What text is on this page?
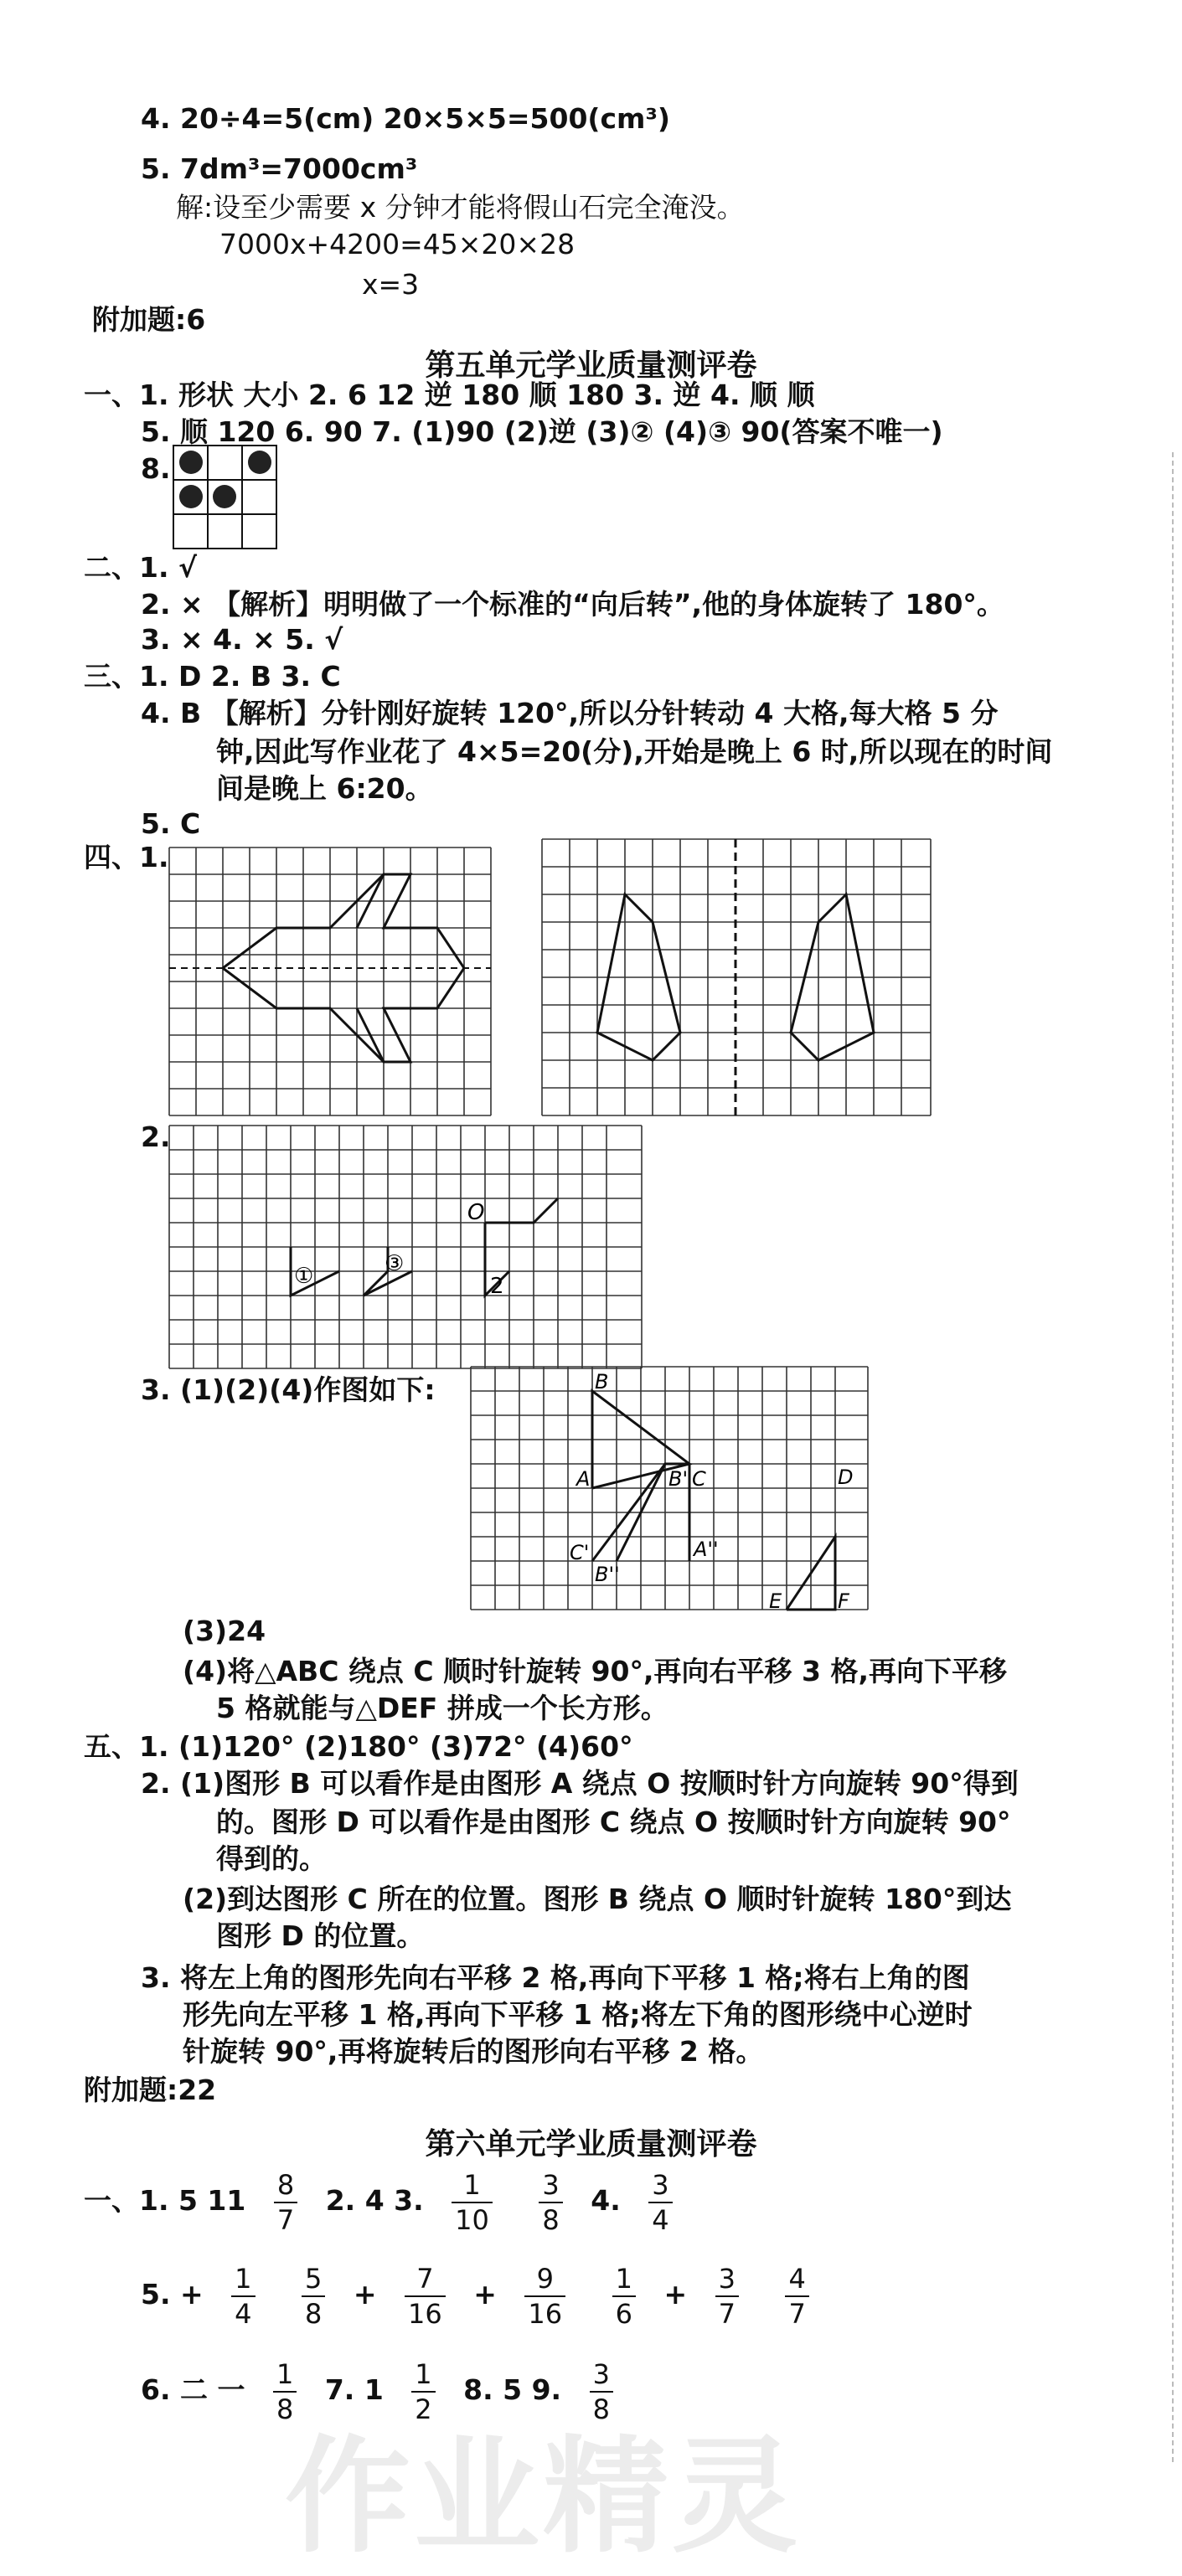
4. 20÷4=5(cm) 20×5×5=500(cm³)
5. 7dm³=7000cm³
解:设至少需要 x 分钟才能将假山石完全淹没。
7000x+4200=45×20×28
x=3
附加题:6
第五单元学业质量测评卷
一、1. 形状 大小 2. 6 12 逆 180 顺 180 3. 逆 4. 顺 顺
5. 顺 120 6. 90 7. (1)90 (2)逆 (3)② (4)③ 90(答案不唯一)
8.
二、1. √
2. × 【解析】明明做了一个标准的“向后转”,他的身体旋转了 180°。
3. × 4. × 5. √
三、1. D 2. B 3. C
4. B 【解析】分针刚好旋转 120°,所以分针转动 4 大格,每大格 5 分
钟,因此写作业花了 4×5=20(分),开始是晚上 6 时,所以现在的时间
间是晚上 6:20。
5. C
四、1.
2.
O
①	③
2
3. (1)(2)(4)作图如下:	B
A	B' C
C'
B''
A''
D
E	F
(3)24
(4)将△ABC 绕点 C 顺时针旋转 90°,再向右平移 3 格,再向下平移
5 格就能与△DEF 拼成一个长方形。
五、1. (1)120° (2)180° (3)72° (4)60°
2. (1)图形 B 可以看作是由图形 A 绕点 O 按顺时针方向旋转 90°得到
的。图形 D 可以看作是由图形 C 绕点 O 按顺时针方向旋转 90°
得到的。
(2)到达图形 C 所在的位置。图形 B 绕点 O 顺时针旋转 180°到达
图形 D 的位置。
3. 将左上角的图形先向右平移 2 格,再向下平移 1 格;将右上角的图
形先向左平移 1 格,再向下平移 1 格;将左下角的图形绕中心逆时
针旋转 90°,再将旋转后的图形向右平移 2 格。
附加题:22
第六单元学业质量测评卷
一、1. 5 $11 \frac{8}{7} 2$. 4 3. $\frac{1}{10}$
$\frac{3}{8} 4$. $\frac{3}{4}$
5. + $\frac{1}{4}$
$\frac{5}{8} + \frac{7}{16} + \frac{9}{16}$
$\frac{1}{6} + \frac{3}{7}$
$\frac{4}{7}$
6. 二 一 $\frac{1}{8} 7$. $1 \frac{1}{2} 8$. 5 9. $\frac{3}{8}$
作业精灵
